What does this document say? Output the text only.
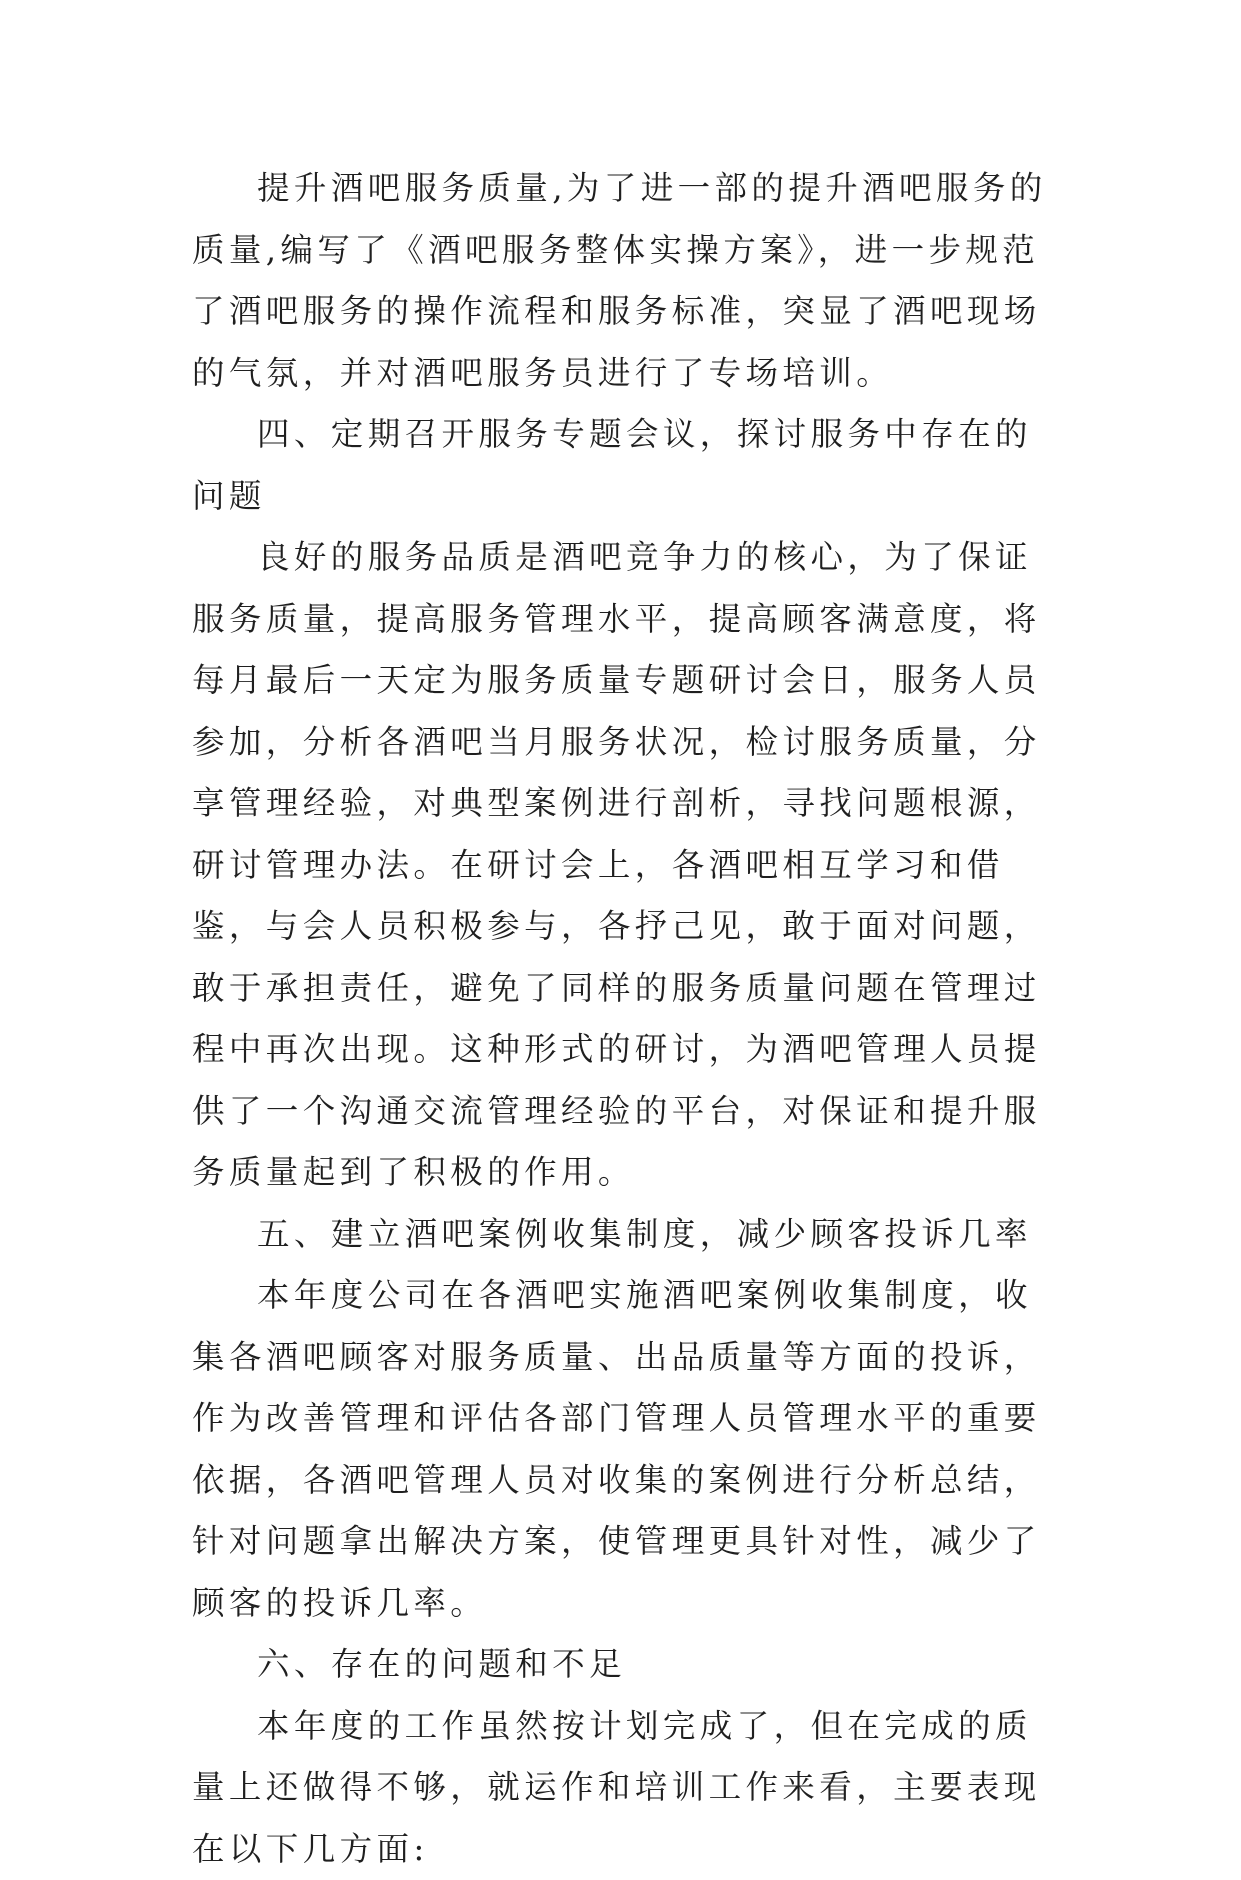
提升酒吧服务质量,为了进一部的提升酒吧服务的质量,编写了《酒吧服务整体实操方案》，进一步规范了酒吧服务的操作流程和服务标准，突显了酒吧现场的气氛，并对酒吧服务员进行了专场培训。

四、定期召开服务专题会议，探讨服务中存在的问题

良好的服务品质是酒吧竞争力的核心，为了保证服务质量，提高服务管理水平，提高顾客满意度，将每月最后一天定为服务质量专题研讨会日，服务人员参加，分析各酒吧当月服务状况，检讨服务质量，分享管理经验，对典型案例进行剖析，寻找问题根源，研讨管理办法。在研讨会上，各酒吧相互学习和借鉴，与会人员积极参与，各抒己见，敢于面对问题，敢于承担责任，避免了同样的服务质量问题在管理过程中再次出现。这种形式的研讨，为酒吧管理人员提供了一个沟通交流管理经验的平台，对保证和提升服务质量起到了积极的作用。

五、建立酒吧案例收集制度，减少顾客投诉几率

本年度公司在各酒吧实施酒吧案例收集制度，收集各酒吧顾客对服务质量、出品质量等方面的投诉，作为改善管理和评估各部门管理人员管理水平的重要依据，各酒吧管理人员对收集的案例进行分析总结，针对问题拿出解决方案，使管理更具针对性，减少了顾客的投诉几率。

六、存在的问题和不足

本年度的工作虽然按计划完成了，但在完成的质量上还做得不够，就运作和培训工作来看，主要表现在以下几方面:
